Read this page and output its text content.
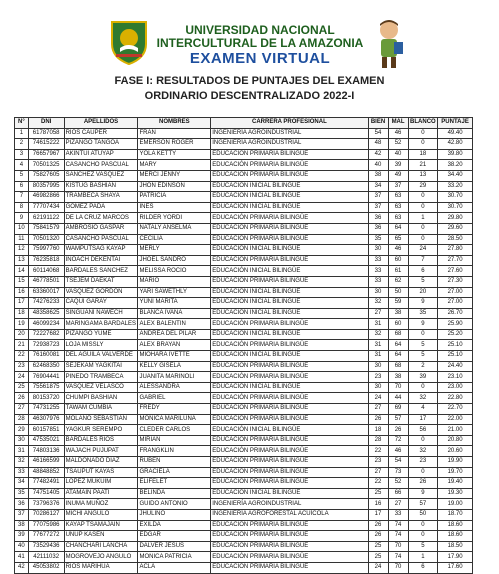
UNIVERSIDAD NACIONAL
INTERCULTURAL DE LA AMAZONIA
EXAMEN VIRTUAL
FASE I: RESULTADOS DE PUNTAJES DEL EXAMEN
ORDINARIO DESCENTRALIZADO 2022-I
N°	DNI	APELLIDOS	NOMBRES	CARRERA PROFESIONAL	BIEN	MAL	BLANCO	PUNTAJE
1	61787058	RIOS CAUPER	FRAN	INGENIERÍA AGROINDUSTRIAL	54	46	0	49.40
2	74615222	PIZANGO TANGOA	EMERSON ROGER	INGENIERÍA AGROINDUSTRIAL	48	52	0	42.80
3	76657967	AKINTUI ATUYAP	YOLA KETTY	EDUCACIÓN PRIMARIA BILINGÜE	42	40	18	39.80
4	70501325	CASANCHO PASCUAL	MARY	EDUCACIÓN PRIMARIA BILINGÜE	40	39	21	38.20
5	75827605	SANCHEZ VASQUEZ	MERCI JENNY	EDUCACIÓN PRIMARIA BILINGÜE	38	49	13	34.40
6	80357995	KISTUG BASHIAN	JHON EDINSON	EDUCACIÓN INICIAL BILINGÜE	34	37	29	33.20
7	46982866	TRAMBECA SHAYA	PATRICIA	EDUCACIÓN INICIAL BILINGÜE	37	63	0	30.70
8	77707434	GOMEZ PADA	INES	EDUCACIÓN INICIAL BILINGÜE	37	63	0	30.70
9	62191122	DE LA CRUZ MARCOS	RILDER YORDI	EDUCACIÓN PRIMARIA BILINGÜE	36	63	1	29.80
10	75841579	AMBROSIO GASPAR	NATALY ANSELMA	EDUCACIÓN PRIMARIA BILINGÜE	36	64	0	29.60
11	70501320	CASANCHO PASCUAL	CECILIA	EDUCACIÓN PRIMARIA BILINGÜE	35	65	0	28.50
12	75997760	WAMPUTSAG KAYAP	MERLY	EDUCACIÓN INICIAL BILINGÜE	30	46	24	27.80
13	76235818	INOACH DEKENTAI	JHOEL SANDRO	EDUCACIÓN PRIMARIA BILINGÜE	33	60	7	27.70
14	60114068	BARDALES SANCHEZ	MELISSA ROCIO	EDUCACIÓN INICIAL BILINGÜE	33	61	6	27.60
15	46778501	TSEJEM DAEKAT	MARIO	EDUCACIÓN PRIMARIA BILINGÜE	33	62	5	27.30
16	63360017	VASQUEZ GORDON	YARI SAWETHLY	EDUCACIÓN INICIAL BILINGÜE	30	50	20	27.00
17	74276233	CAQUI GARAY	YUNI MARITA	EDUCACIÓN INICIAL BILINGÜE	32	59	9	27.00
18	48358625	SINGUANI NAWECH	BLANCA IVANA	EDUCACIÓN INICIAL BILINGÜE	27	38	35	26.70
19	46099234	MARINGAMA BARDALES	ALEX BALENTIN	EDUCACIÓN PRIMARIA BILINGÜE	31	60	9	25.90
20	72227682	PIZANGO YUME	ANDREA DEL PILAR	EDUCACIÓN INICIAL BILINGÜE	32	68	0	25.20
21	72938723	LOJA MISSLY	ALEX BRAYAN	EDUCACIÓN PRIMARIA BILINGÜE	31	64	5	25.10
22	76160081	DEL AGUILA VALVERDE	MIOHARA IVETTE	EDUCACIÓN INICIAL BILINGÜE	31	64	5	25.10
23	62468350	SEJEKAM YAGKITAI	KELLY GISELA	EDUCACIÓN PRIMARIA BILINGÜE	30	68	2	24.40
24	76904441	PINEDO TRAMBECA	JUANITA MARINOLI	EDUCACIÓN PRIMARIA BILINGÜE	23	38	39	23.10
25	75561875	VASQUEZ VELASCO	ALESSANDRA	EDUCACIÓN INICIAL BILINGÜE	30	70	0	23.00
26	80153720	CHUMPI BASHIAN	GABRIEL	EDUCACIÓN PRIMARIA BILINGÜE	24	44	32	22.80
27	74731255	TAWAM CUMBIA	FREDY	EDUCACIÓN PRIMARIA BILINGÜE	27	69	4	22.70
28	46307976	MOLANO SEBASTIAN	MONICA MARILUNA	EDUCACIÓN PRIMARIA BILINGÜE	26	57	17	22.00
29	60157851	YAGKUR SEREMPO	CLEDER CARLOS	EDUCACIÓN INICIAL BILINGÜE	18	26	56	21.00
30	47535021	BARDALES RIOS	MIRIAN	EDUCACIÓN PRIMARIA BILINGÜE	28	72	0	20.80
31	74803136	WAJACH PUJUPAT	FRANGKLIN	EDUCACIÓN PRIMARIA BILINGÜE	22	46	32	20.60
32	46166599	MALDONADO DIAZ	RUBEN	EDUCACIÓN PRIMARIA BILINGÜE	23	54	23	19.90
33	48848852	TSAUPUT KAYAS	GRACIELA	EDUCACIÓN PRIMARIA BILINGÜE	27	73	0	19.70
34	77482491	LOPEZ MUKUIM	ELIFELET	EDUCACIÓN PRIMARIA BILINGÜE	22	52	26	19.40
35	74751405	ATAMAIN PAATI	BELINDA	EDUCACIÓN INICIAL BILINGÜE	25	66	9	19.30
36	73796376	INUMA MUÑOZ	GUIDO ANTONIO	INGENIERÍA AGROINDUSTRIAL	16	27	57	19.00
37	70286127	MICHI ANGULO	JHULINO	INGENIERÍA AGROFORESTAL ACUÍCOLA	17	33	50	18.70
38	77075986	KAYAP TSAMAJAIN	EXILDA	EDUCACIÓN PRIMARIA BILINGÜE	26	74	0	18.60
39	77677272	UNUP KASEN	EDGAR	EDUCACIÓN PRIMARIA BILINGÜE	26	74	0	18.60
40	73529436	CHANCHARI LANCHA	DALVER JESÚS	EDUCACIÓN PRIMARIA BILINGÜE	25	70	5	18.50
41	42111032	MOGROVEJO ANGULO	MONICA PATRICIA	EDUCACIÓN PRIMARIA BILINGÜE	25	74	1	17.90
42	45053802	RIOS MARIHUA	ACLA	EDUCACIÓN PRIMARIA BILINGÜE	24	70	6	17.60
